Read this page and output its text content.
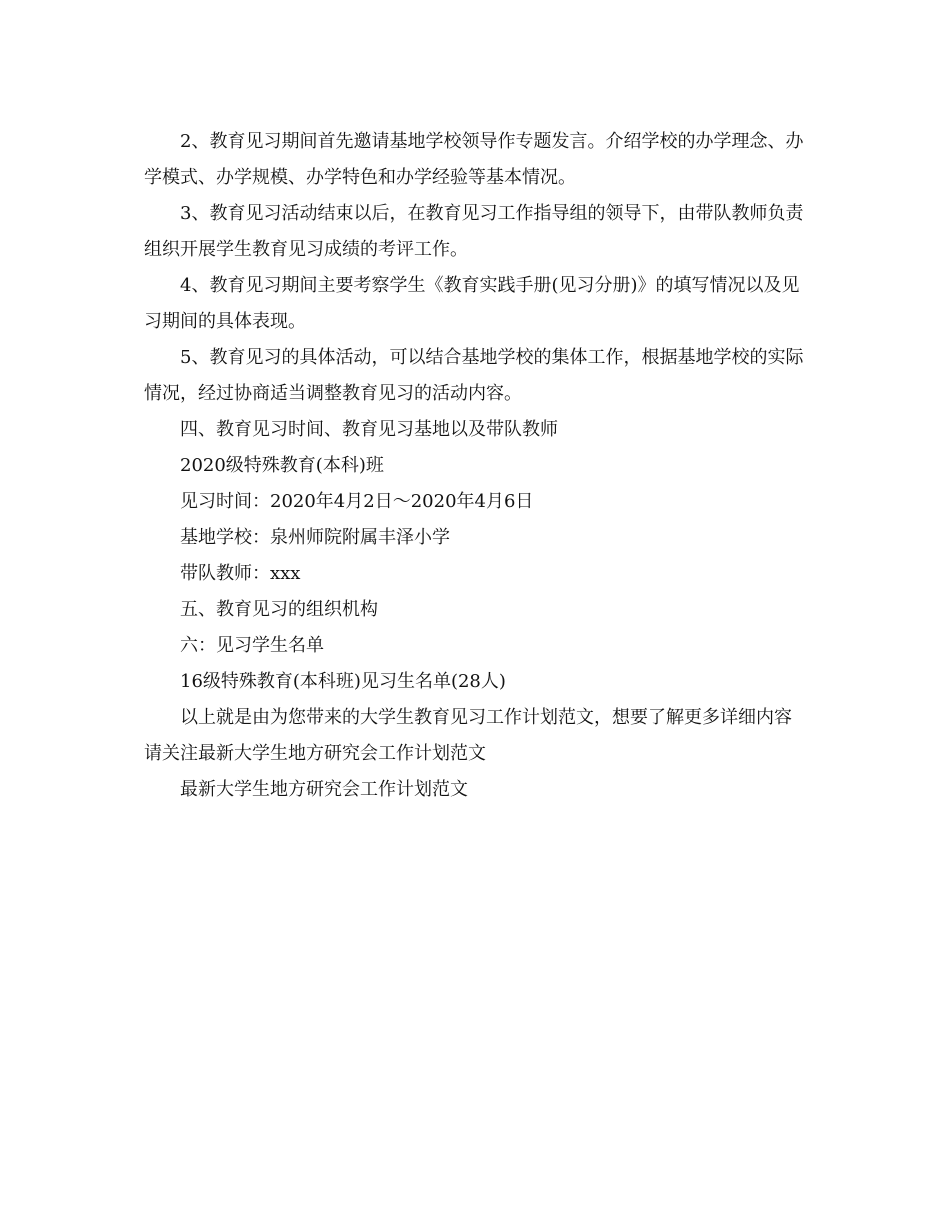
2、教育见习期间首先邀请基地学校领导作专题发言。介绍学校的办学理念、办学模式、办学规模、办学特色和办学经验等基本情况。

3、教育见习活动结束以后，在教育见习工作指导组的领导下，由带队教师负责组织开展学生教育见习成绩的考评工作。

4、教育见习期间主要考察学生《教育实践手册(见习分册)》的填写情况以及见习期间的具体表现。

5、教育见习的具体活动，可以结合基地学校的集体工作，根据基地学校的实际情况，经过协商适当调整教育见习的活动内容。

四、教育见习时间、教育见习基地以及带队教师

2020级特殊教育(本科)班

见习时间：2020年4月2日～2020年4月6日

基地学校：泉州师院附属丰泽小学

带队教师：xxx

五、教育见习的组织机构

六：见习学生名单

16级特殊教育(本科班)见习生名单(28人)

以上就是由为您带来的大学生教育见习工作计划范文，想要了解更多详细内容请关注最新大学生地方研究会工作计划范文

最新大学生地方研究会工作计划范文
